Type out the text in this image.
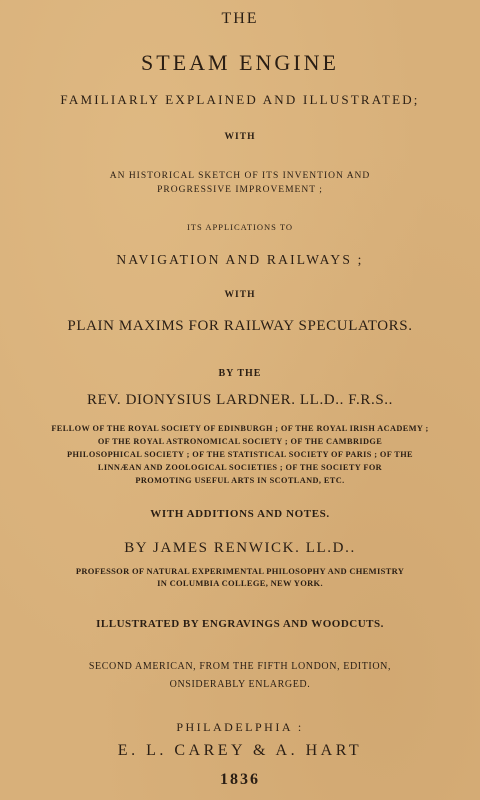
THE
STEAM ENGINE
FAMILIARLY EXPLAINED AND ILLUSTRATED;
WITH
AN HISTORICAL SKETCH OF ITS INVENTION AND
PROGRESSIVE IMPROVEMENT ;
ITS APPLICATIONS TO
NAVIGATION AND RAILWAYS ;
WITH
PLAIN MAXIMS FOR RAILWAY SPECULATORS.
BY THE
REV. DIONYSIUS LARDNER. LL.D.. F.R.S..
FELLOW OF THE ROYAL SOCIETY OF EDINBURGH ; OF THE ROYAL IRISH ACADEMY ;
OF THE ROYAL ASTRONOMICAL SOCIETY ; OF THE CAMBRIDGE
PHILOSOPHICAL SOCIETY ; OF THE STATISTICAL SOCIETY OF PARIS ; OF THE
LINNÆAN AND ZOOLOGICAL SOCIETIES ; OF THE SOCIETY FOR
PROMOTING USEFUL ARTS IN SCOTLAND, ETC.
WITH ADDITIONS AND NOTES.
BY JAMES RENWICK. LL.D..
PROFESSOR OF NATURAL EXPERIMENTAL PHILOSOPHY AND CHEMISTRY
IN COLUMBIA COLLEGE, NEW YORK.
ILLUSTRATED BY ENGRAVINGS AND WOODCUTS.
SECOND AMERICAN, FROM THE FIFTH LONDON, EDITION,
ONSIDERABLY ENLARGED.
PHILADELPHIA :
E. L. CAREY & A. HART
1836
